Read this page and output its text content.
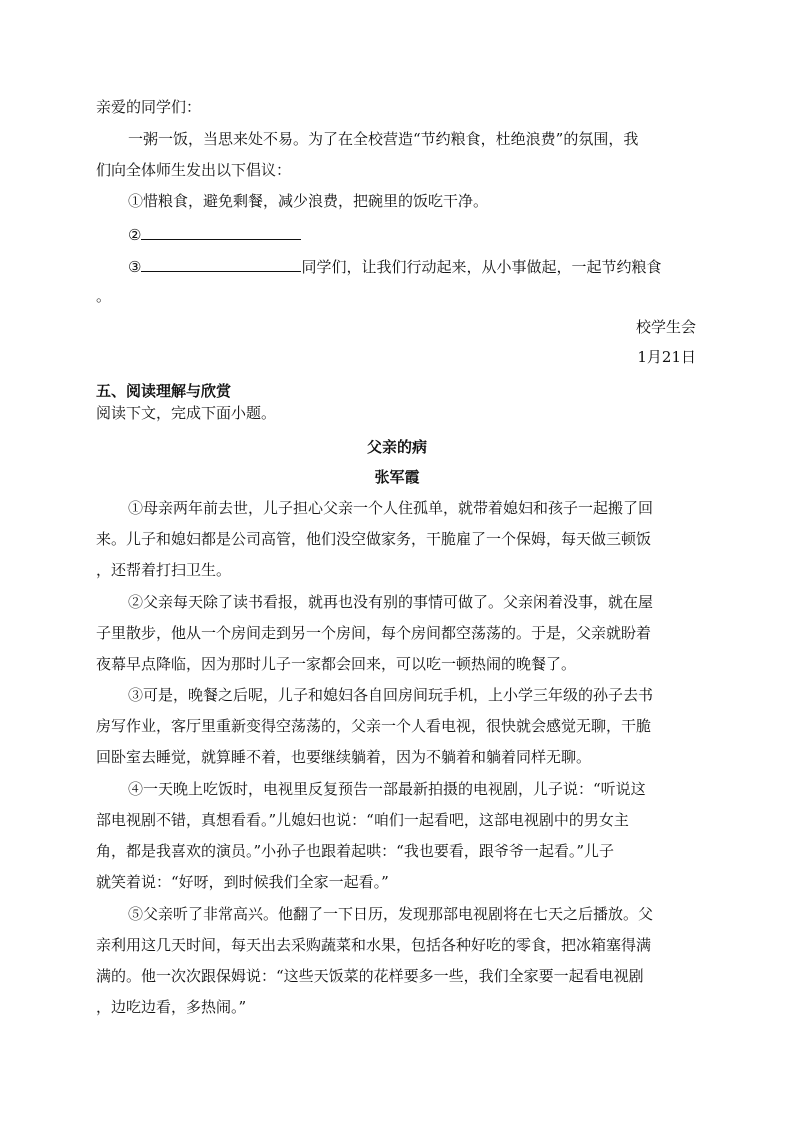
亲爱的同学们：
一粥一饭，当思来处不易。为了在全校营造“节约粮食，杜绝浪费”的氛围，我
们向全体师生发出以下倡议：
①惜粮食，避免剩餐，减少浪费，把碗里的饭吃干净。
②
③	同学们，让我们行动起来，从小事做起，一起节约粮食
。
校学生会
1月21日
五、阅读理解与欣赏
阅读下文，完成下面小题。
父亲的病
张军霞
①母亲两年前去世，儿子担心父亲一个人住孤单，就带着媳妇和孩子一起搬了回
来。儿子和媳妇都是公司高管，他们没空做家务，干脆雇了一个保姆，每天做三顿饭
，还帮着打扫卫生。
②父亲每天除了读书看报，就再也没有别的事情可做了。父亲闲着没事，就在屋
子里散步，他从一个房间走到另一个房间，每个房间都空荡荡的。于是，父亲就盼着
夜幕早点降临，因为那时儿子一家都会回来，可以吃一顿热闹的晚餐了。
③可是，晚餐之后呢，儿子和媳妇各自回房间玩手机，上小学三年级的孙子去书
房写作业，客厅里重新变得空荡荡的，父亲一个人看电视，很快就会感觉无聊，干脆
回卧室去睡觉，就算睡不着，也要继续躺着，因为不躺着和躺着同样无聊。
④一天晚上吃饭时，电视里反复预告一部最新拍摄的电视剧，儿子说：“听说这
部电视剧不错，真想看看。”儿媳妇也说：“咱们一起看吧，这部电视剧中的男女主
角，都是我喜欢的演员。”小孙子也跟着起哄：“我也要看，跟爷爷一起看。”儿子
就笑着说：“好呀，到时候我们全家一起看。”
⑤父亲听了非常高兴。他翻了一下日历，发现那部电视剧将在七天之后播放。父
亲利用这几天时间，每天出去采购蔬菜和水果，包括各种好吃的零食，把冰箱塞得满
满的。他一次次跟保姆说：“这些天饭菜的花样要多一些，我们全家要一起看电视剧
，边吃边看，多热闹。”
